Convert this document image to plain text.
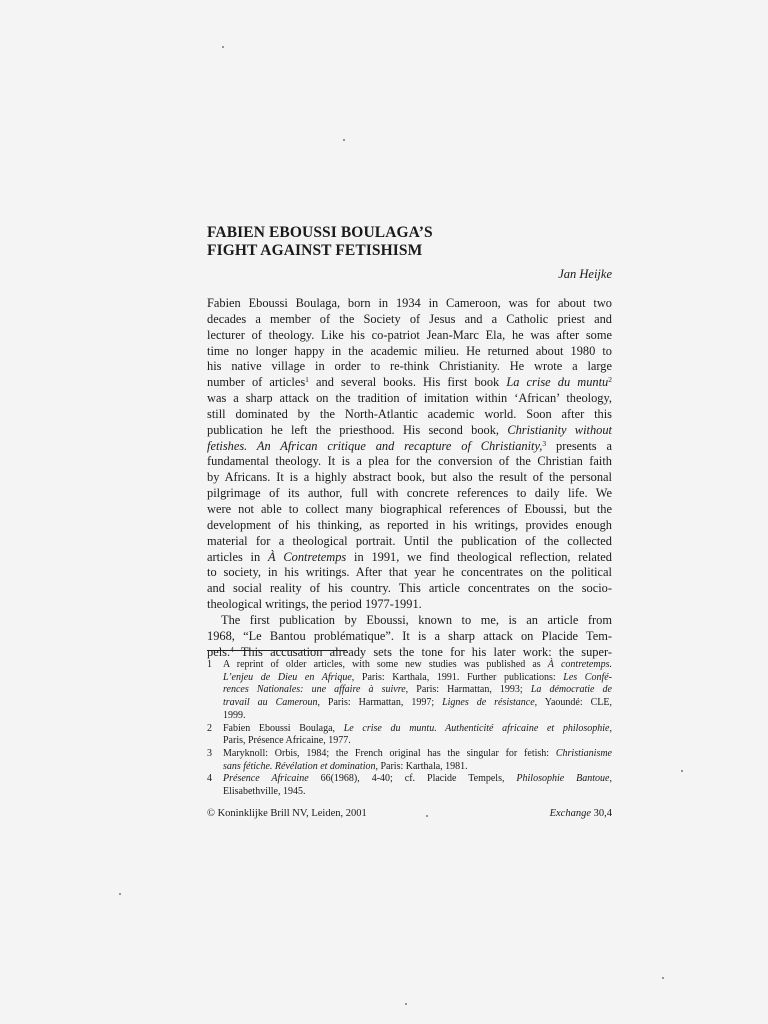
FABIEN EBOUSSI BOULAGA’S
FIGHT AGAINST FETISHISM
Jan Heijke
Fabien Eboussi Boulaga, born in 1934 in Cameroon, was for about two
decades a member of the Society of Jesus and a Catholic priest and
lecturer of theology. Like his co-patriot Jean-Marc Ela, he was after some
time no longer happy in the academic milieu. He returned about 1980 to
his native village in order to re-think Christianity. He wrote a large
number of articles$^1$ and several books. His first book La crise du muntu$^2$
was a sharp attack on the tradition of imitation within ‘African’ theology,
still dominated by the North-Atlantic academic world. Soon after this
publication he left the priesthood. His second book, Christianity without
fetishes. An African critique and recapture of Christianity,$^3$ presents a
fundamental theology. It is a plea for the conversion of the Christian faith
by Africans. It is a highly abstract book, but also the result of the personal
pilgrimage of its author, full with concrete references to daily life. We
were not able to collect many biographical references of Eboussi, but the
development of his thinking, as reported in his writings, provides enough
material for a theological portrait. Until the publication of the collected
articles in À Contretemps in 1991, we find theological reflection, related
to society, in his writings. After that year he concentrates on the political
and social reality of his country. This article concentrates on the socio-
theological writings, the period 1977-1991.
The first publication by Eboussi, known to me, is an article from
1968, “Le Bantou problématique”. It is a sharp attack on Placide Tem-
pels.$^4$ This accusation already sets the tone for his later work: the super-
1	A reprint of older articles, with some new studies was published as À contretemps.
L’enjeu de Dieu en Afrique, Paris: Karthala, 1991. Further publications: Les Confé-
rences Nationales: une affaire à suivre, Paris: Harmattan, 1993; La démocratie de
travail au Cameroun, Paris: Harmattan, 1997; Lignes de résistance, Yaoundé: CLE,
1999.
2	Fabien Eboussi Boulaga, Le crise du muntu. Authenticité africaine et philosophie,
Paris, Présence Africaine, 1977.
3	Maryknoll: Orbis, 1984; the French original has the singular for fetish: Christianisme
sans fétiche. Révélation et domination, Paris: Karthala, 1981.
4	Présence Africaine 66(1968), 4-40; cf. Placide Tempels, Philosophie Bantoue,
Elisabethville, 1945.
© Koninklijke Brill NV, Leiden, 2001	Exchange 30,4
